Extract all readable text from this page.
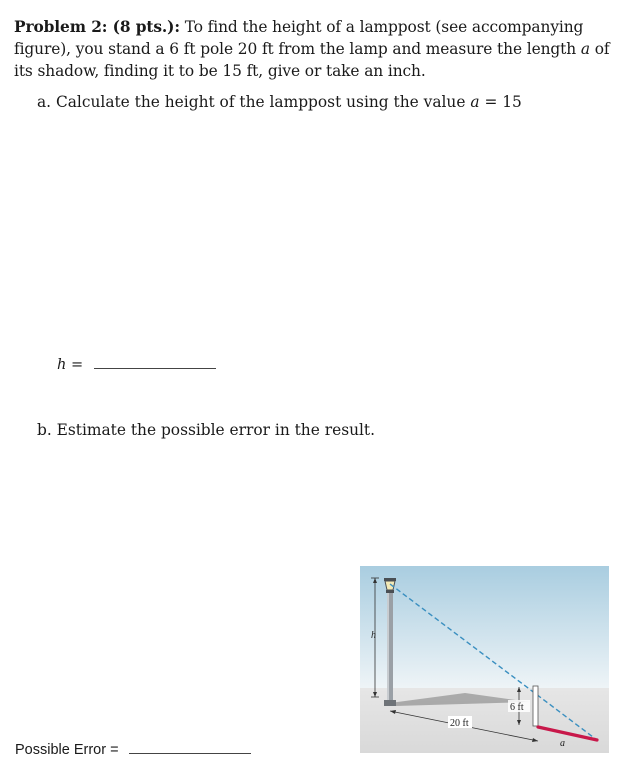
Problem 2: (8 pts.): To find the height of a lamppost (see accompanying figure), you stand a 6 ft pole 20 ft from the lamp and measure the length a of its shadow, finding it to be 15 ft, give or take an inch.
a. Calculate the height of the lamppost using the value a = 15
h =
b. Estimate the possible error in the result.
Possible Error =
h
6 ft
a
20 ft
